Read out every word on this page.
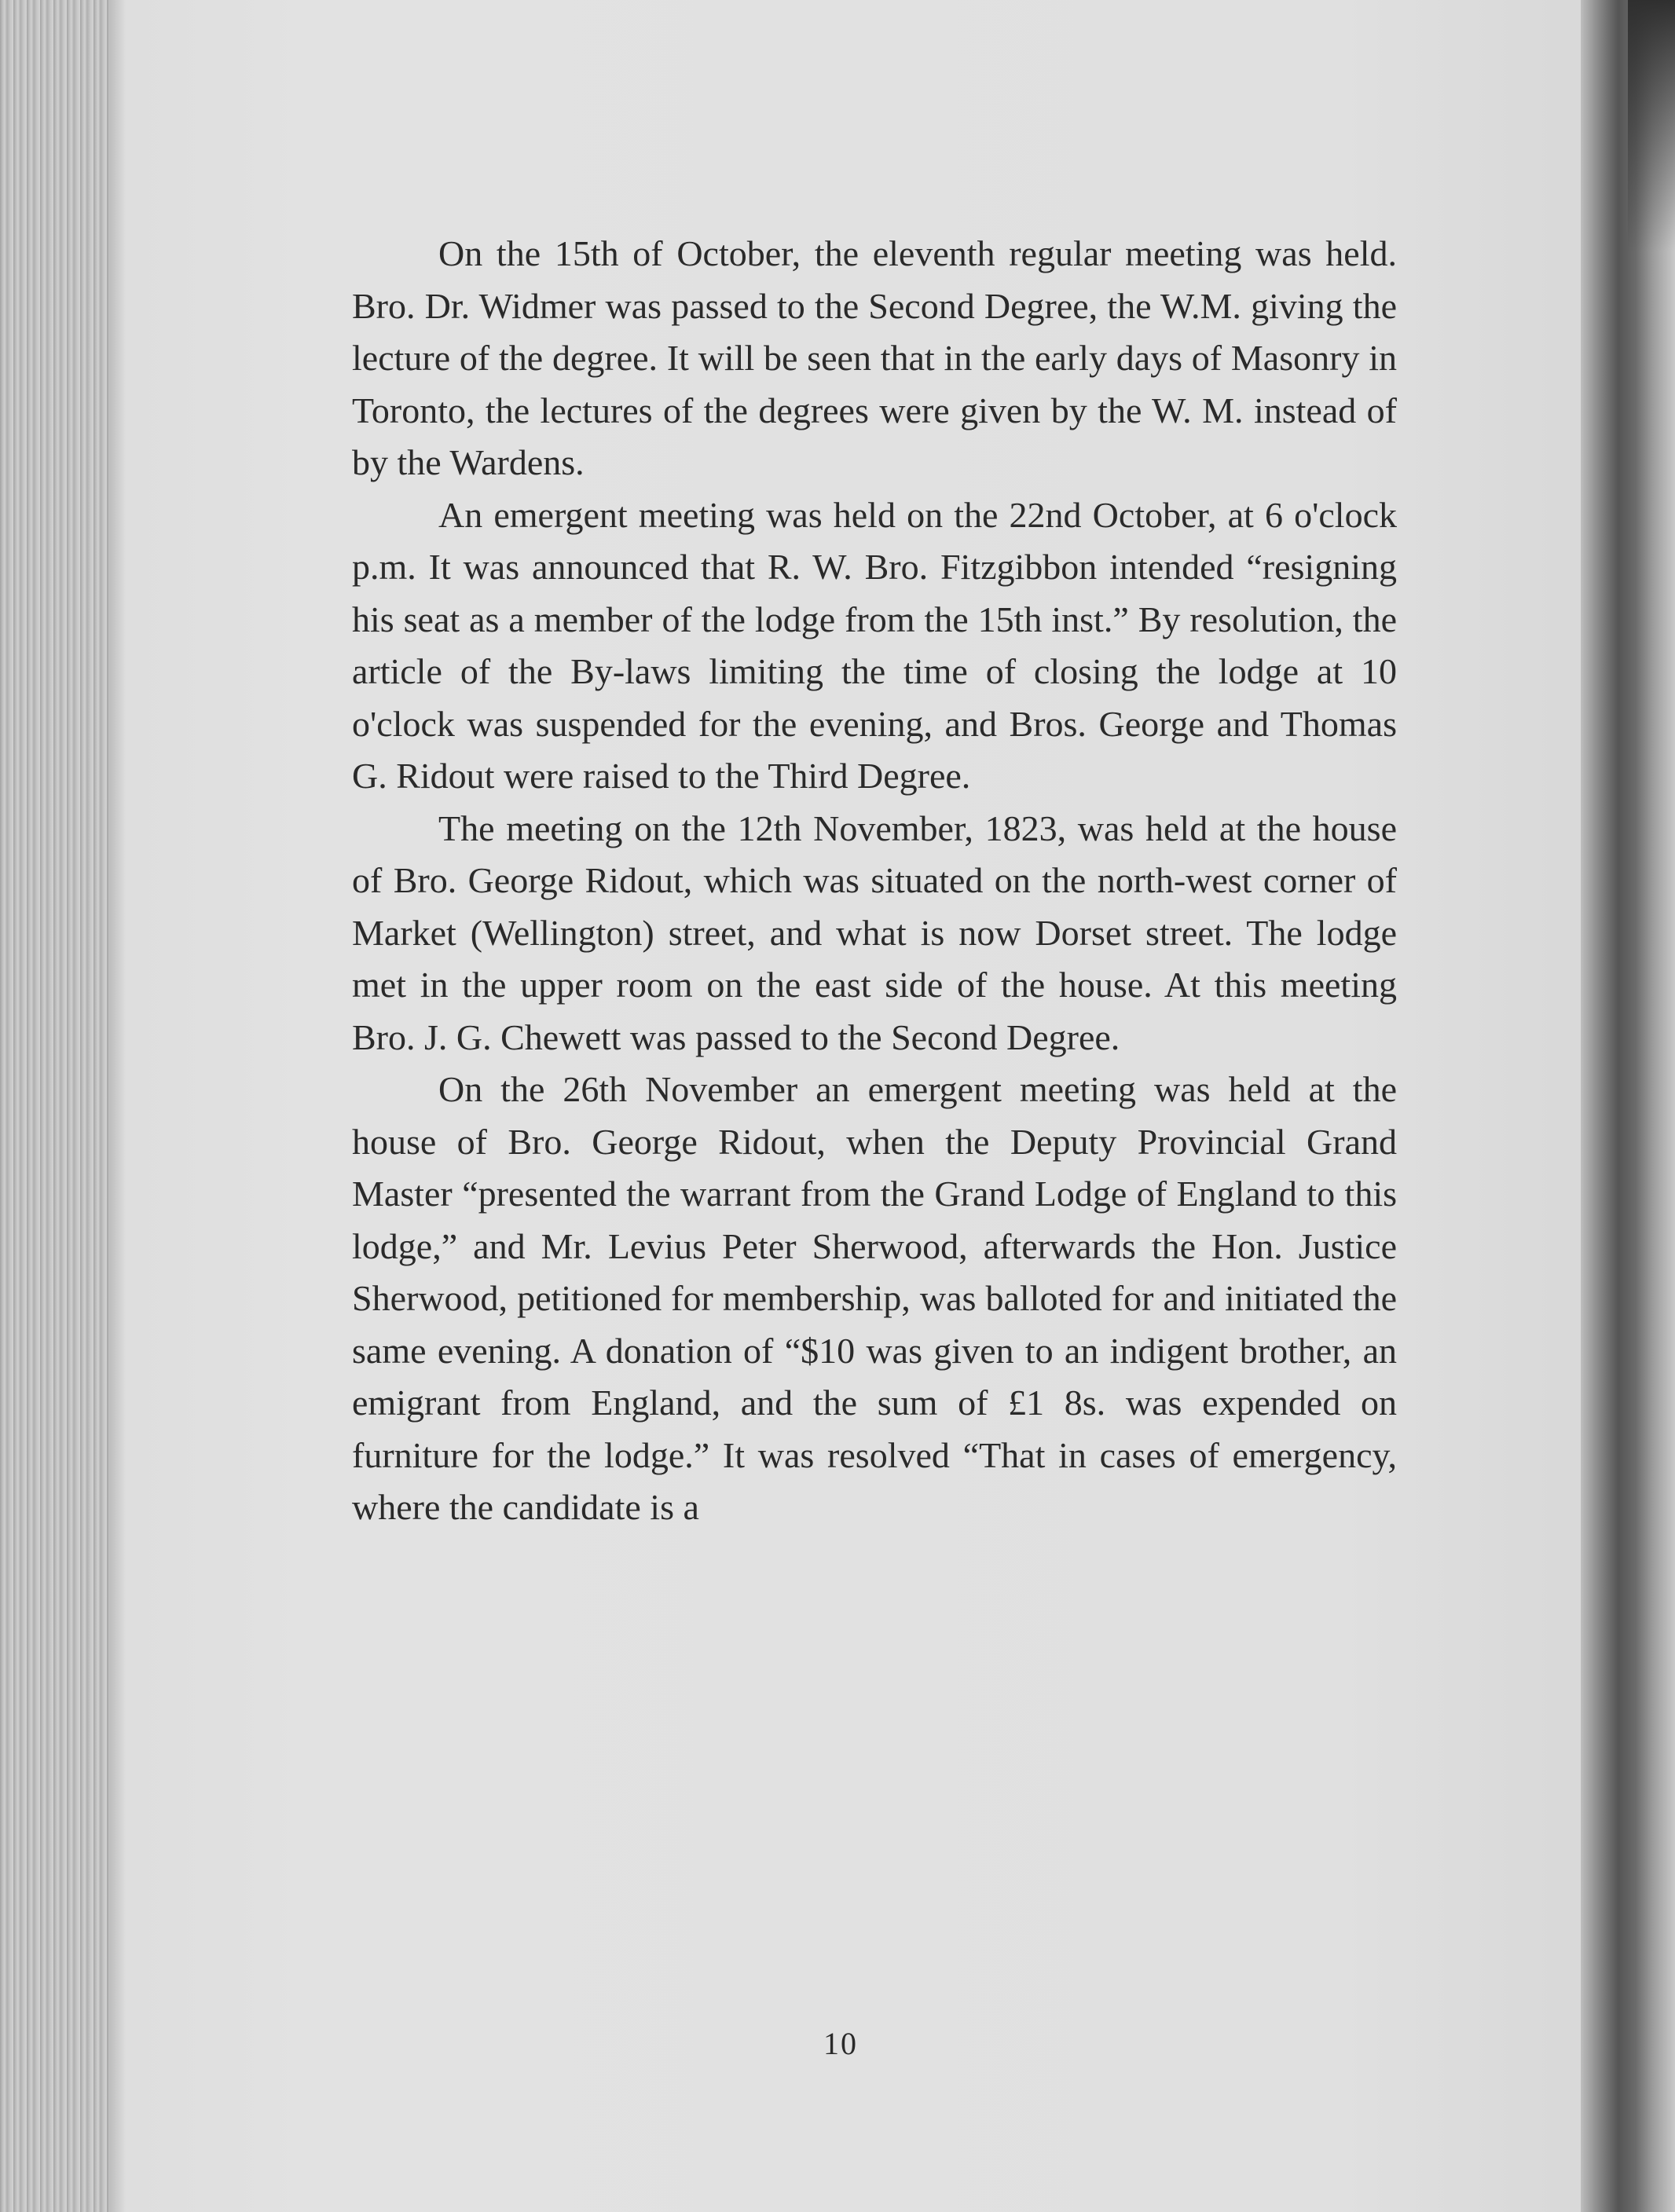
On the 15th of October, the eleventh regular meeting was held. Bro. Dr. Widmer was passed to the Second Degree, the W.M. giving the lecture of the degree. It will be seen that in the early days of Masonry in Toronto, the lectures of the degrees were given by the W. M. instead of by the Wardens.

An emergent meeting was held on the 22nd October, at 6 o'clock p.m. It was announced that R. W. Bro. Fitzgibbon intended “resigning his seat as a member of the lodge from the 15th inst.” By resolution, the article of the By-laws limiting the time of closing the lodge at 10 o'clock was suspended for the evening, and Bros. George and Thomas G. Ridout were raised to the Third Degree.

The meeting on the 12th November, 1823, was held at the house of Bro. George Ridout, which was situated on the north-west corner of Market (Wellington) street, and what is now Dorset street. The lodge met in the upper room on the east side of the house. At this meeting Bro. J. G. Chewett was passed to the Second Degree.

On the 26th November an emergent meeting was held at the house of Bro. George Ridout, when the Deputy Provincial Grand Master “presented the warrant from the Grand Lodge of England to this lodge,” and Mr. Levius Peter Sherwood, afterwards the Hon. Justice Sherwood, petitioned for membership, was balloted for and initiated the same evening. A donation of “$10 was given to an indigent brother, an emigrant from England, and the sum of £1 8s. was expended on furniture for the lodge.” It was resolved “That in cases of emergency, where the candidate is a

10
